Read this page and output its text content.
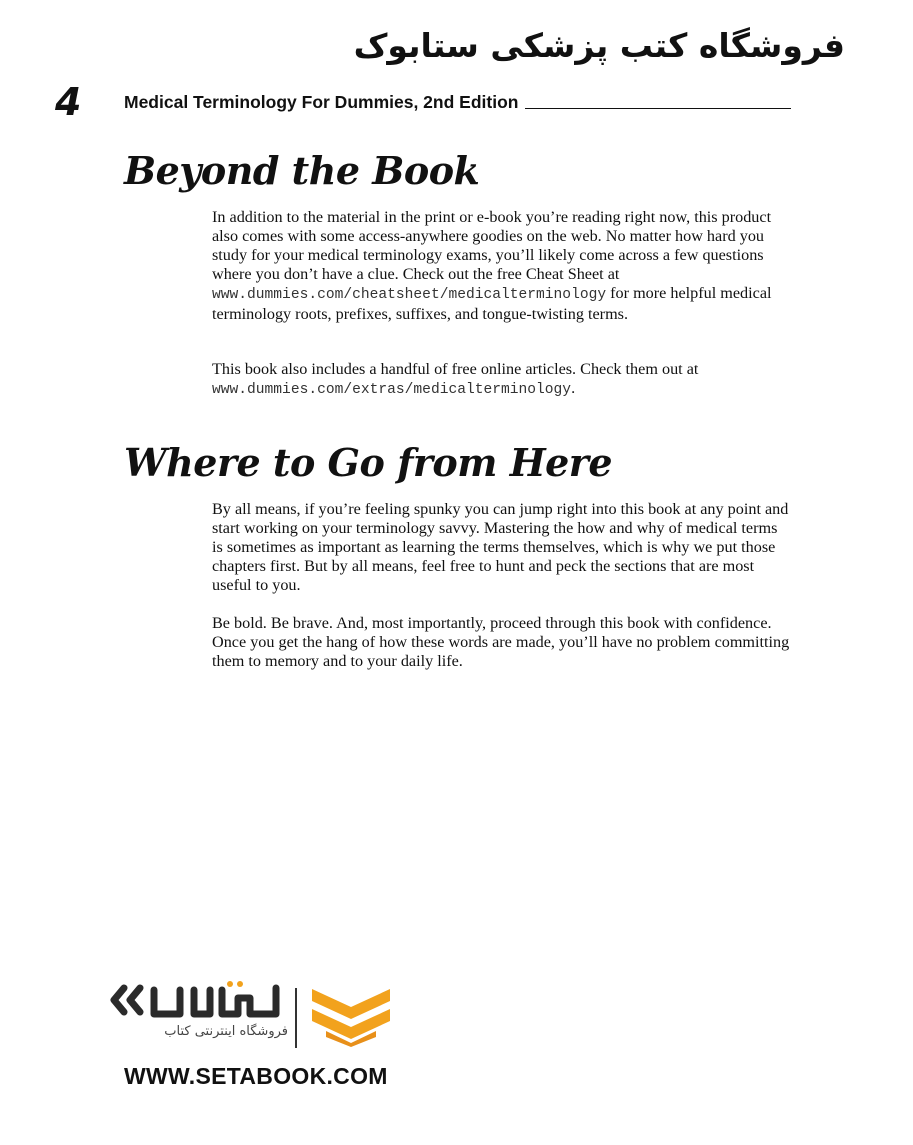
فروشگاه کتب پزشکی ستابوک
4 Medical Terminology For Dummies, 2nd Edition
Beyond the Book

In addition to the material in the print or e-book you’re reading right now, this product also comes with some access-anywhere goodies on the web. No matter how hard you study for your medical terminology exams, you’ll likely come across a few questions where you don’t have a clue. Check out the free Cheat Sheet at www.dummies.com/cheatsheet/medicalterminology for more helpful medical terminology roots, prefixes, suffixes, and tongue-twisting terms.

This book also includes a handful of free online articles. Check them out at www.dummies.com/extras/medicalterminology.

Where to Go from Here

By all means, if you’re feeling spunky you can jump right into this book at any point and start working on your terminology savvy. Mastering the how and why of medical terms is sometimes as important as learning the terms themselves, which is why we put those chapters first. But by all means, feel free to hunt and peck the sections that are most useful to you.

Be bold. Be brave. And, most importantly, proceed through this book with confidence. Once you get the hang of how these words are made, you’ll have no problem committing them to memory and to your daily life.

فروشگاه اینترنتی کتاب
WWW.SETABOOK.COM
